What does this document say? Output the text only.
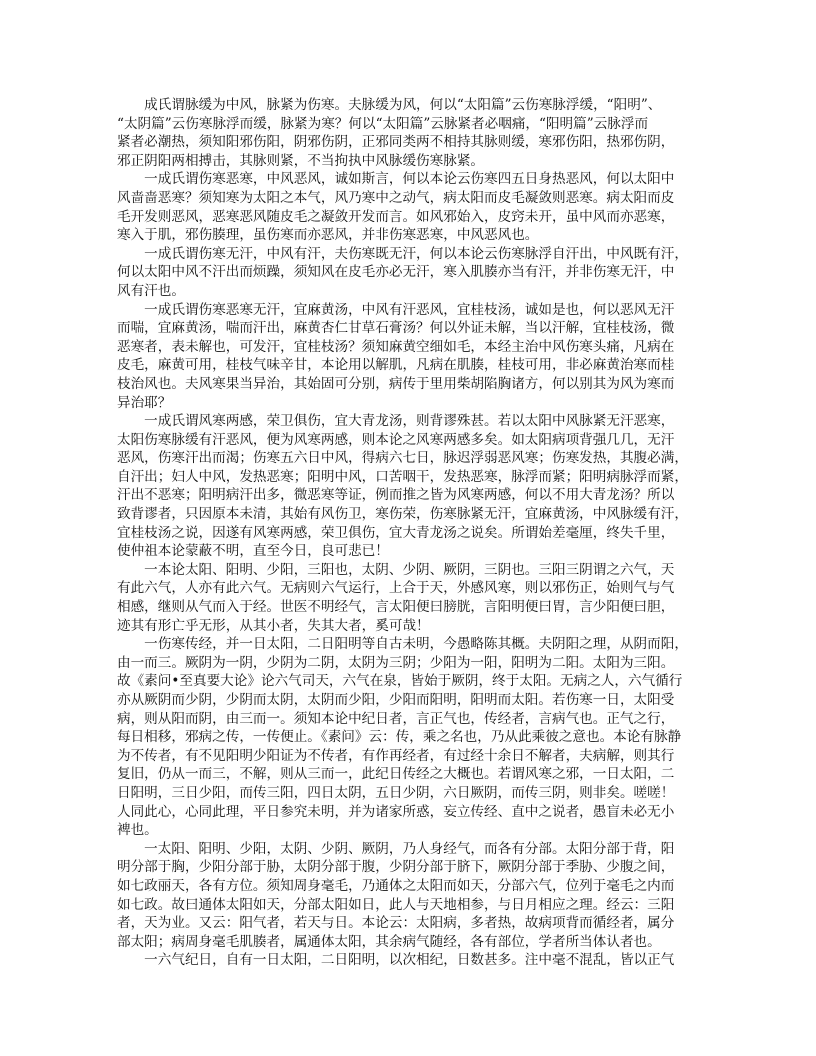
　　成氏谓脉缓为中风，脉紧为伤寒。夫脉缓为风，何以“太阳篇”云伤寒脉浮缓，“阳明”、
“太阴篇”云伤寒脉浮而缓，脉紧为寒？何以“太阳篇”云脉紧者必咽痛，“阳明篇”云脉浮而
紧者必潮热，须知阳邪伤阳，阴邪伤阴，正邪同类两不相持其脉则缓，寒邪伤阳，热邪伤阴，
邪正阴阳两相搏击，其脉则紧，不当拘执中风脉缓伤寒脉紧。
　　一成氏谓伤寒恶寒，中风恶风，诚如斯言，何以本论云伤寒四五日身热恶风，何以太阳中
风啬啬恶寒？须知寒为太阳之本气，风乃寒中之动气，病太阳而皮毛凝敛则恶寒。病太阳而皮
毛开发则恶风，恶寒恶风随皮毛之凝敛开发而言。如风邪始入，皮窍未开，虽中风而亦恶寒，
寒入于肌，邪伤腠理，虽伤寒而亦恶风，并非伤寒恶寒，中风恶风也。
　　一成氏谓伤寒无汗，中风有汗，夫伤寒既无汗，何以本论云伤寒脉浮自汗出，中风既有汗，
何以太阳中风不汗出而烦躁，须知风在皮毛亦必无汗，寒入肌腠亦当有汗，并非伤寒无汗，中
风有汗也。
　　一成氏谓伤寒恶寒无汗，宜麻黄汤，中风有汗恶风，宜桂枝汤，诚如是也，何以恶风无汗
而喘，宜麻黄汤，喘而汗出，麻黄杏仁甘草石膏汤？何以外证未解，当以汗解，宜桂枝汤，微
恶寒者，表未解也，可发汗，宜桂枝汤？须知麻黄空细如毛，本经主治中风伤寒头痛，凡病在
皮毛，麻黄可用，桂枝气味辛甘，本论用以解肌，凡病在肌腠，桂枝可用，非必麻黄治寒而桂
枝治风也。夫风寒果当异治，其始固可分别，病传于里用柴胡陷胸诸方，何以别其为风为寒而
异治耶？
　　一成氏谓风寒两感，荣卫俱伤，宜大青龙汤，则背谬殊甚。若以太阳中风脉紧无汗恶寒，
太阳伤寒脉缓有汗恶风，便为风寒两感，则本论之风寒两感多矣。如太阳病项背强几几，无汗
恶风，伤寒汗出而渴；伤寒五六日中风，得病六七日，脉迟浮弱恶风寒；伤寒发热，其腹必满，
自汗出；妇人中风，发热恶寒；阳明中风，口苦咽干，发热恶寒，脉浮而紧；阳明病脉浮而紧，
汗出不恶寒；阳明病汗出多，微恶寒等证，例而推之皆为风寒两感，何以不用大青龙汤？所以
致背谬者，只因原本未清，其始有风伤卫，寒伤荣，伤寒脉紧无汗，宜麻黄汤，中风脉缓有汗，
宜桂枝汤之说，因遂有风寒两感，荣卫俱伤，宜大青龙汤之说矣。所谓始差毫厘，终失千里，
使仲祖本论蒙蔽不明，直至今日，良可悲已！
　　一本论太阳、阳明、少阳，三阳也，太阴、少阴、厥阴，三阴也。三阳三阴谓之六气，天
有此六气，人亦有此六气。无病则六气运行，上合于天，外感风寒，则以邪伤正，始则气与气
相感，继则从气而入于经。世医不明经气，言太阳便曰膀胱，言阳明便曰胃，言少阳便曰胆，
迹其有形亡乎无形，从其小者，失其大者，奚可哉！
　　一伤寒传经，并一日太阳，二日阳明等自古未明，今愚略陈其概。夫阴阳之理，从阴而阳，
由一而三。厥阴为一阴，少阴为二阴，太阴为三阴；少阳为一阳，阳明为二阳。太阳为三阳。
故《素问•至真要大论》论六气司天，六气在泉，皆始于厥阴，终于太阳。无病之人，六气循行
亦从厥阴而少阴，少阴而太阴，太阴而少阳，少阳而阳明，阳明而太阳。若伤寒一日，太阳受
病，则从阳而阴，由三而一。须知本论中纪日者，言正气也，传经者，言病气也。正气之行，
每日相移，邪病之传，一传便止。《素问》云：传，乘之名也，乃从此乘彼之意也。本论有脉静
为不传者，有不见阳明少阳证为不传者，有作再经者，有过经十余日不解者，夫病解，则其行
复旧，仍从一而三，不解，则从三而一，此纪日传经之大概也。若谓风寒之邪，一日太阳，二
日阳明，三日少阳，而传三阳，四日太阴，五日少阴，六日厥阴，而传三阴，则非矣。嗟嗟！
人同此心，心同此理，平日参究未明，并为诸家所惑，妄立传经、直中之说者，愚盲未必无小
裨也。
　　一太阳、阳明、少阳，太阴、少阴、厥阴，乃人身经气，而各有分部。太阳分部于背，阳
明分部于胸，少阳分部于胁，太阴分部于腹，少阴分部于脐下，厥阴分部于季胁、少腹之间，
如七政丽天，各有方位。须知周身毫毛，乃通体之太阳而如天，分部六气，位列于毫毛之内而
如七政。故曰通体太阳如天，分部太阳如日，此人与天地相参，与日月相应之理。经云：三阳
者，天为业。又云：阳气者，若天与日。本论云：太阳病，多者热，故病项背而循经者，属分
部太阳；病周身毫毛肌腠者，属通体太阳，其余病气随经，各有部位，学者所当体认者也。
　　一六气纪日，自有一日太阳，二日阳明，以次相纪，日数甚多。注中毫不混乱，皆以正气
